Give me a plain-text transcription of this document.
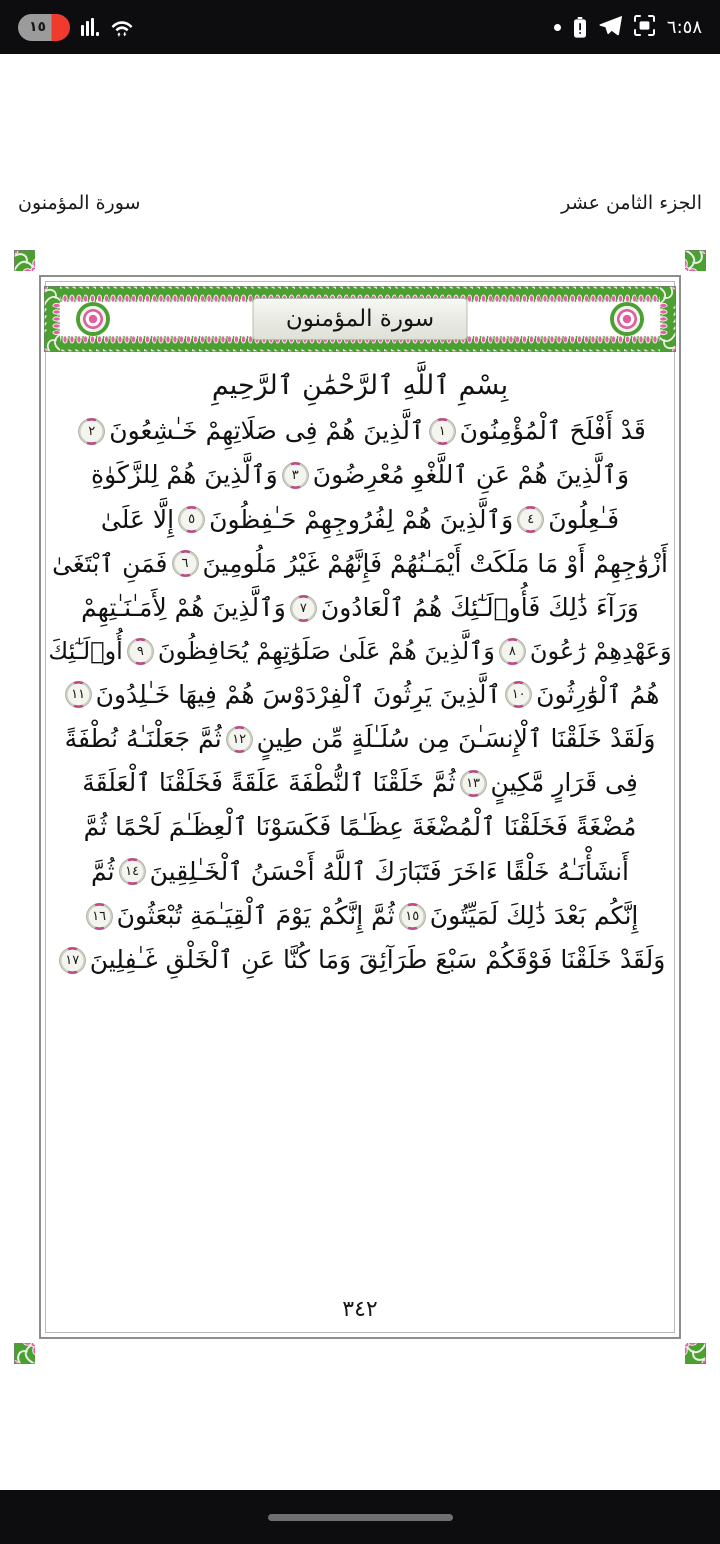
١٥	٦:٥٨
الجزء الثامن عشر
سورة المؤمنون
سورة المؤمنون
بِسْمِ ٱللَّهِ ٱلرَّحْمَٰنِ ٱلرَّحِيمِ
قَدْ أَفْلَحَ ٱلْمُؤْمِنُونَ
١
ٱلَّذِينَ هُمْ فِى صَلَاتِهِمْ خَـٰشِعُونَ
٢
وَٱلَّذِينَ هُمْ عَنِ ٱللَّغْوِ مُعْرِضُونَ
٣
وَٱلَّذِينَ هُمْ لِلزَّكَوٰةِ
فَـٰعِلُونَ
٤
وَٱلَّذِينَ هُمْ لِفُرُوجِهِمْ حَـٰفِظُونَ
٥
إِلَّا عَلَىٰ
أَزْوَٰجِهِمْ أَوْ مَا مَلَكَتْ أَيْمَـٰنُهُمْ فَإِنَّهُمْ غَيْرُ مَلُومِينَ
٦
فَمَنِ ٱبْتَغَىٰ
وَرَآءَ ذَٰلِكَ فَأُو۟لَـٰٓئِكَ هُمُ ٱلْعَادُونَ
٧
وَٱلَّذِينَ هُمْ لِأَمَـٰنَـٰتِهِمْ
وَعَهْدِهِمْ رَٰعُونَ
٨
وَٱلَّذِينَ هُمْ عَلَىٰ صَلَوَٰتِهِمْ يُحَافِظُونَ
٩
أُو۟لَـٰٓئِكَ
هُمُ ٱلْوَٰرِثُونَ
١٠
ٱلَّذِينَ يَرِثُونَ ٱلْفِرْدَوْسَ هُمْ فِيهَا خَـٰلِدُونَ
١١
وَلَقَدْ خَلَقْنَا ٱلْإِنسَـٰنَ مِن سُلَـٰلَةٍ مِّن طِينٍ
١٢
ثُمَّ جَعَلْنَـٰهُ نُطْفَةً
فِى قَرَارٍ مَّكِينٍ
١٣
ثُمَّ خَلَقْنَا ٱلنُّطْفَةَ عَلَقَةً فَخَلَقْنَا ٱلْعَلَقَةَ
مُضْغَةً فَخَلَقْنَا ٱلْمُضْغَةَ عِظَـٰمًا فَكَسَوْنَا ٱلْعِظَـٰمَ لَحْمًا ثُمَّ
أَنشَأْنَـٰهُ خَلْقًا ءَاخَرَ فَتَبَارَكَ ٱللَّهُ أَحْسَنُ ٱلْخَـٰلِقِينَ
١٤
ثُمَّ
إِنَّكُم بَعْدَ ذَٰلِكَ لَمَيِّتُونَ
١٥
ثُمَّ إِنَّكُمْ يَوْمَ ٱلْقِيَـٰمَةِ تُبْعَثُونَ
١٦
وَلَقَدْ خَلَقْنَا فَوْقَكُمْ سَبْعَ طَرَآئِقَ وَمَا كُنَّا عَنِ ٱلْخَلْقِ غَـٰفِلِينَ
١٧
٣٤٢
